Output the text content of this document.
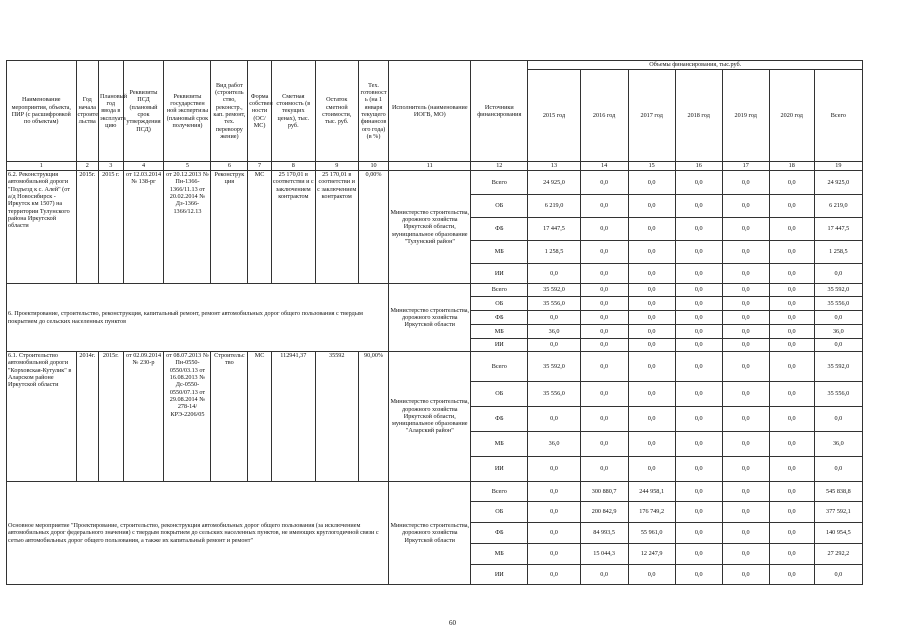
Наименование мероприятия, объекта, ПИР (с расшифровкой по объектам)	Год начала строите льства	Плановый год ввода в эксплуата цию	Реквизиты ПСД (плановый срок утверждения ПСД)	Реквизиты государствен ной экспертизы (плановый срок получения)	Вид работ (строитель ство, реконстр., кап. ремонт, тех. перевоору жение)	Форма собствен ности (ОС/МС)	Сметная стоимость (в текущих ценах), тыс. руб.	Остаток сметной стоимости, тыс. руб.	Тех. готовност ь (на 1 января текущего финансов ого года) (в %)	Исполнитель (наименование ИОГВ, МО)	Источники финансирования	Объемы финансирования, тыс.руб.						
												2015 год	2016 год	2017 год	2018 год	2019 год	2020 год	Всего
1	2	3	4	5	6	7	8	9	10	11	12	13	14	15	16	17	18	19
6.2. Реконструкция автомобильной дороги "Подъезд к с. Алей" (от а/д Новосибирск - Иркутск км 1507) на территории Тулунского района Иркутской области	2015г.	2015 г.	от 12.03.2014 № 138-рг	от 20.12.2013 № Пн-1366-1366/11.13 от 20.02.2014 № Дз-1366-1366/12.13	Реконструк ция	МС	25 170,01 в соответстви и с заключением контрактом	25 170,01 в соответстви и с заключением контрактом	0,00%	Министерство строительства, дорожного хозяйства Иркутской области, муниципальное образование "Тулунский район"	Всего	24 925,0	0,0	0,0	0,0	0,0	0,0	24 925,0
											ОБ	6 219,0	0,0	0,0	0,0	0,0	0,0	6 219,0
											ФБ	17 447,5	0,0	0,0	0,0	0,0	0,0	17 447,5
											МБ	1 258,5	0,0	0,0	0,0	0,0	0,0	1 258,5
											ИИ	0,0	0,0	0,0	0,0	0,0	0,0	0,0
6. Проектирование, строительство, реконструкция, капитальный ремонт, ремонт автомобильных дорог общего пользования с твердым покрытием до сельских населенных пунктов										Министерство строительства, дорожного хозяйства Иркутской области	Всего	35 592,0	0,0	0,0	0,0	0,0	0,0	35 592,0
											ОБ	35 556,0	0,0	0,0	0,0	0,0	0,0	35 556,0
											ФБ	0,0	0,0	0,0	0,0	0,0	0,0	0,0
											МБ	36,0	0,0	0,0	0,0	0,0	0,0	36,0
											ИИ	0,0	0,0	0,0	0,0	0,0	0,0	0,0
6.1. Строительство автомобильной дороги "Корховская-Кутулик" в Аларском районе Иркутской области	2014г.	2015г.	от 02.09.2014 № 230-р	от 08.07.2013 № Пн-0550-0550/03.13 от 16.08.2013 № Дс-0550-0550/07.13 от 29.08.2014 № 278-14/КРЭ-2206/05	Строительс тво	МС	112941,37	35592	90,00%	Министерство строительства, дорожного хозяйства Иркутской области, муниципальное образование "Аларский район"	Всего	35 592,0	0,0	0,0	0,0	0,0	0,0	35 592,0
											ОБ	35 556,0	0,0	0,0	0,0	0,0	0,0	35 556,0
											ФБ	0,0	0,0	0,0	0,0	0,0	0,0	0,0
											МБ	36,0	0,0	0,0	0,0	0,0	0,0	36,0
											ИИ	0,0	0,0	0,0	0,0	0,0	0,0	0,0
Основное мероприятие "Проектирование, строительство, реконструкция автомобильных дорог общего пользования (за исключением автомобильных дорог федерального значения) с твердым покрытием до сельских населенных пунктов, не имеющих круглогодичной связи с сетью автомобильных дорог общего пользования, а также их капитальный ремонт и ремонт"										Министерство строительства, дорожного хозяйства Иркутской области	Всего	0,0	300 880,7	244 958,1	0,0	0,0	0,0	545 838,8
											ОБ	0,0	200 842,9	176 749,2	0,0	0,0	0,0	377 592,1
											ФБ	0,0	84 993,5	55 961,0	0,0	0,0	0,0	140 954,5
											МБ	0,0	15 044,3	12 247,9	0,0	0,0	0,0	27 292,2
											ИИ	0,0	0,0	0,0	0,0	0,0	0,0	0,0
60
